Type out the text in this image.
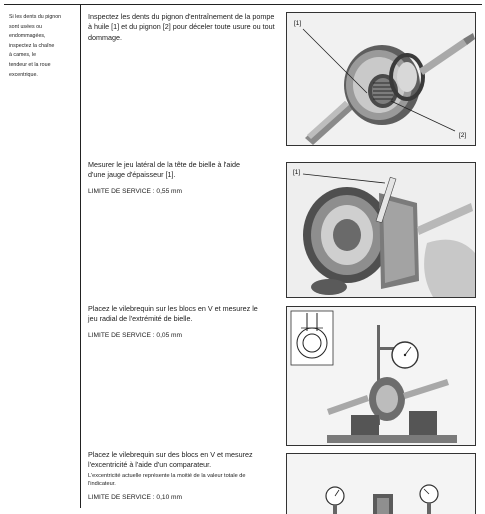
Si les dents du pignon
sont usées ou
endommagées,
inspectez la chaîne
à cames, le
tendeur et la roue
excentrique.

Inspectez les dents du pignon d'entraînement de la pompe
à huile [1] et du pignon [2] pour déceler toute usure ou tout
dommage.

[1]
[2]

Mesurer le jeu latéral de la tête de bielle à l'aide
d'une jauge d'épaisseur [1].

LIMITE DE SERVICE : 0,55 mm

[1]

Placez le vilebrequin sur les blocs en V et mesurez le
jeu radial de l'extrémité de bielle.

LIMITE DE SERVICE : 0,05 mm

Placez le vilebrequin sur des blocs en V et mesurez
l'excentricité à l'aide d'un comparateur.

L'excentricité actuelle représente la moitié de la valeur totale de
l'indicateur.

LIMITE DE SERVICE : 0,10 mm
